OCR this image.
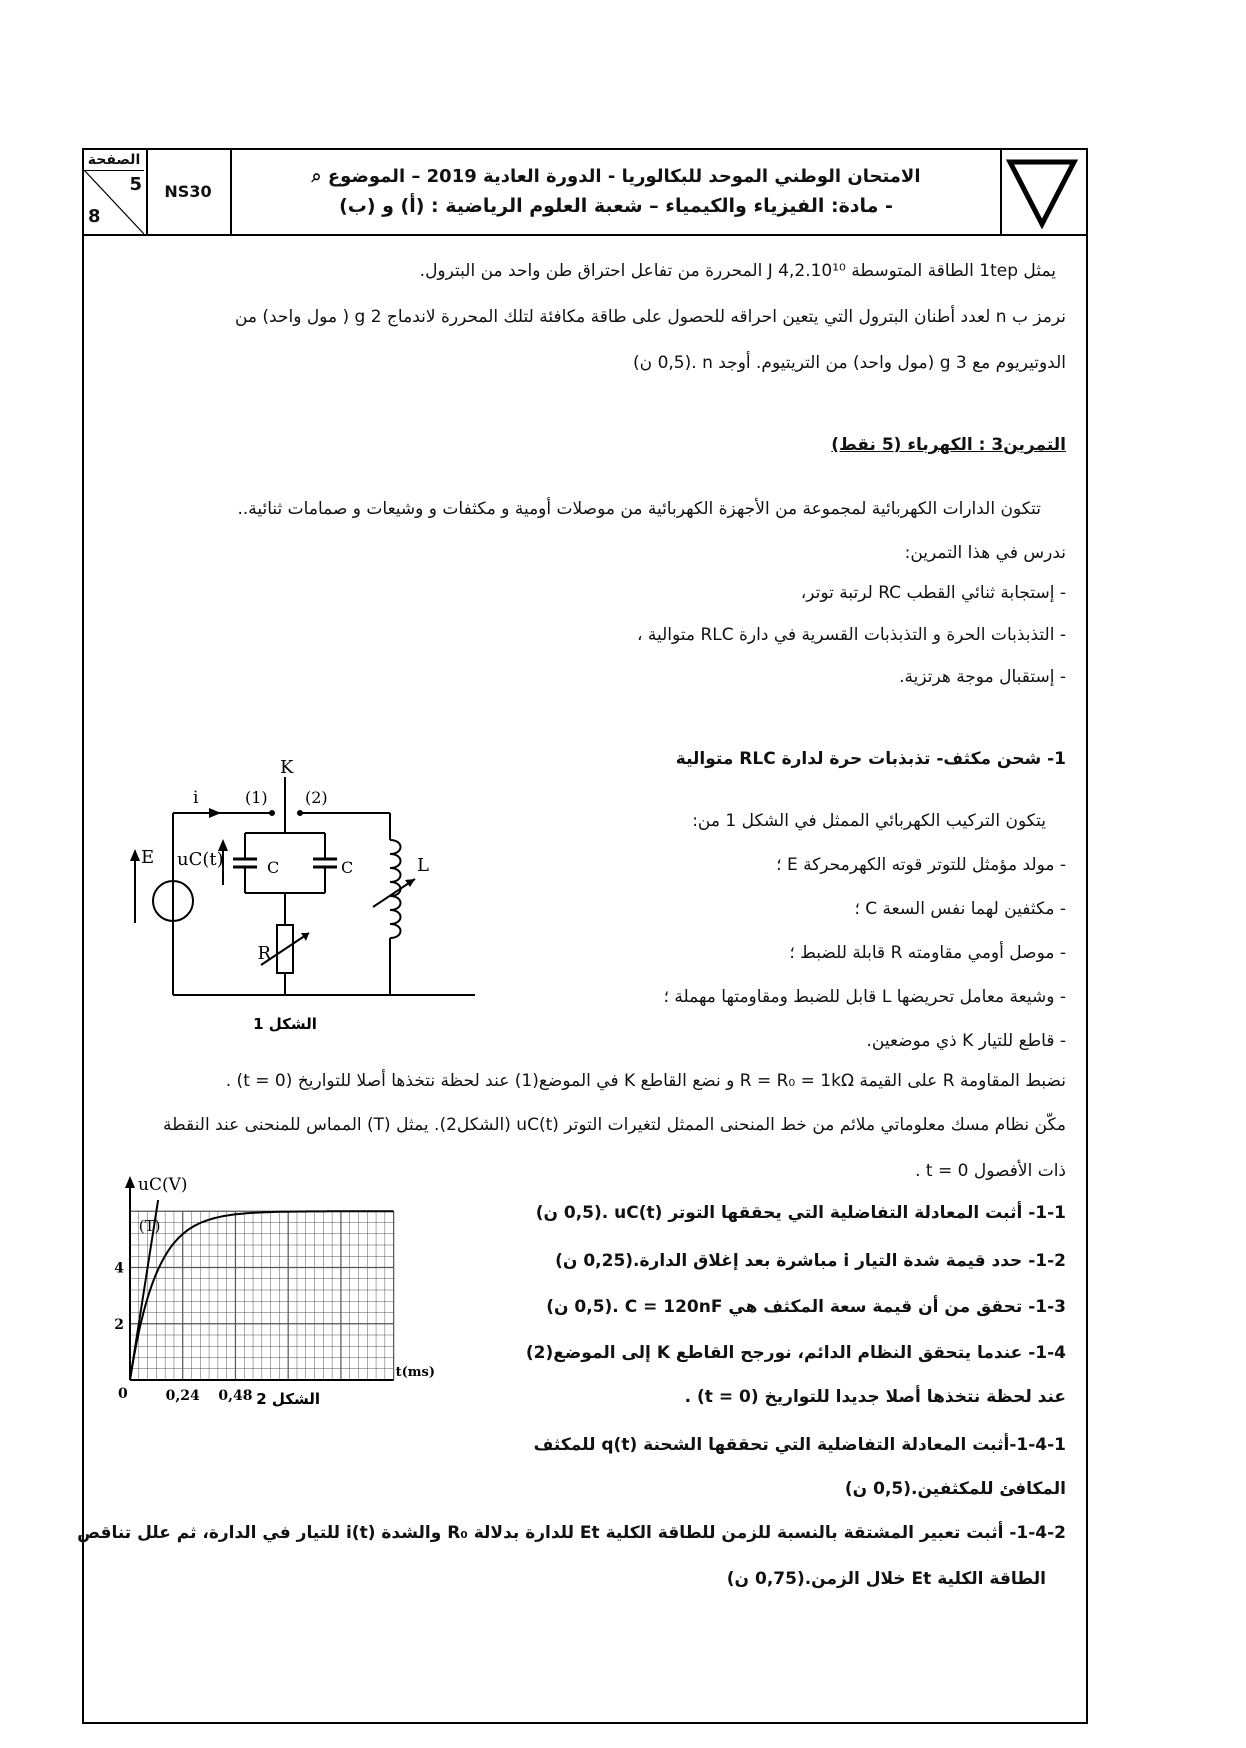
الصفحة
5
8
NS30
الامتحان الوطني الموحد للبكالوريا - الدورة العادية 2019 – الموضوع ⌕
- مادة: الفيزياء والكيمياء – شعبة العلوم الرياضية : (أ) و (ب)
يمثل 1tep الطاقة المتوسطة 4,2.10¹⁰ J المحررة من تفاعل احتراق طن واحد من البترول.
نرمز ب n لعدد أطنان البترول التي يتعين احراقه للحصول على طاقة مكافئة لتلك المحررة لاندماج 2 g ( مول واحد) من
الدوتيريوم مع 3 g (مول واحد) من التريتيوم. أوجد n .(0,5 ن)
التمرين3 : الكهرباء (5 نقط)
تتكون الدارات الكهربائية لمجموعة من الأجهزة الكهربائية من موصلات أومية و مكثفات و وشيعات و صمامات ثنائية..
ندرس في هذا التمرين:
- إستجابة ثنائي القطب RC لرتبة توتر،
- التذبذبات الحرة و التذبذبات القسرية في دارة RLC متوالية ،
- إستقبال موجة هرتزية.
1- شحن مكثف- تذبذبات حرة لدارة RLC متوالية
يتكون التركيب الكهربائي الممثل في الشكل 1 من:
- مولد مؤمثل للتوتر قوته الكهرمحركة E ؛
- مكثفين لهما نفس السعة C ؛
- موصل أومي مقاومته R قابلة للضبط ؛
- وشيعة معامل تحريضها L قابل للضبط ومقاومتها مهملة ؛
- قاطع للتيار K ذي موضعين.
نضبط المقاومة R على القيمة R = R₀ = 1kΩ و نضع القاطع K في الموضع(1) عند لحظة نتخذها أصلا للتواريخ (t = 0) .
مكّن نظام مسك معلوماتي ملائم من خط المنحنى الممثل لتغيرات التوتر uC(t) (الشكل2). يمثل (T) المماس للمنحنى عند النقطة
ذات الأفصول t = 0 .
1-1- أثبت المعادلة التفاضلية التي يحققها التوتر uC(t) .(0,5 ن)
1-2- حدد قيمة شدة التيار i مباشرة بعد إغلاق الدارة.(0,25 ن)
1-3- تحقق من أن قيمة سعة المكثف هي C = 120nF .(0,5 ن)
1-4- عندما يتحقق النظام الدائم، نورجح القاطع K إلى الموضع(2)
عند لحظة نتخذها أصلا جديدا للتواريخ (t = 0) .
1-4-1-أثبت المعادلة التفاضلية التي تحققها الشحنة q(t) للمكثف
المكافئ للمكثفين.(0,5 ن)
1-4-2- أثبت تعبير المشتقة بالنسبة للزمن للطاقة الكلية Et للدارة بدلالة R₀ والشدة i(t) للتيار في الدارة، ثم علل تناقص
الطاقة الكلية Et خلال الزمن.(0,75 ن)
K
(1) (2)
i
E uC(t)	C	C	L
R
الشكل 1
uC(V)
t(ms)
(T)
0	0,24 0,48
2
4
الشكل 2
